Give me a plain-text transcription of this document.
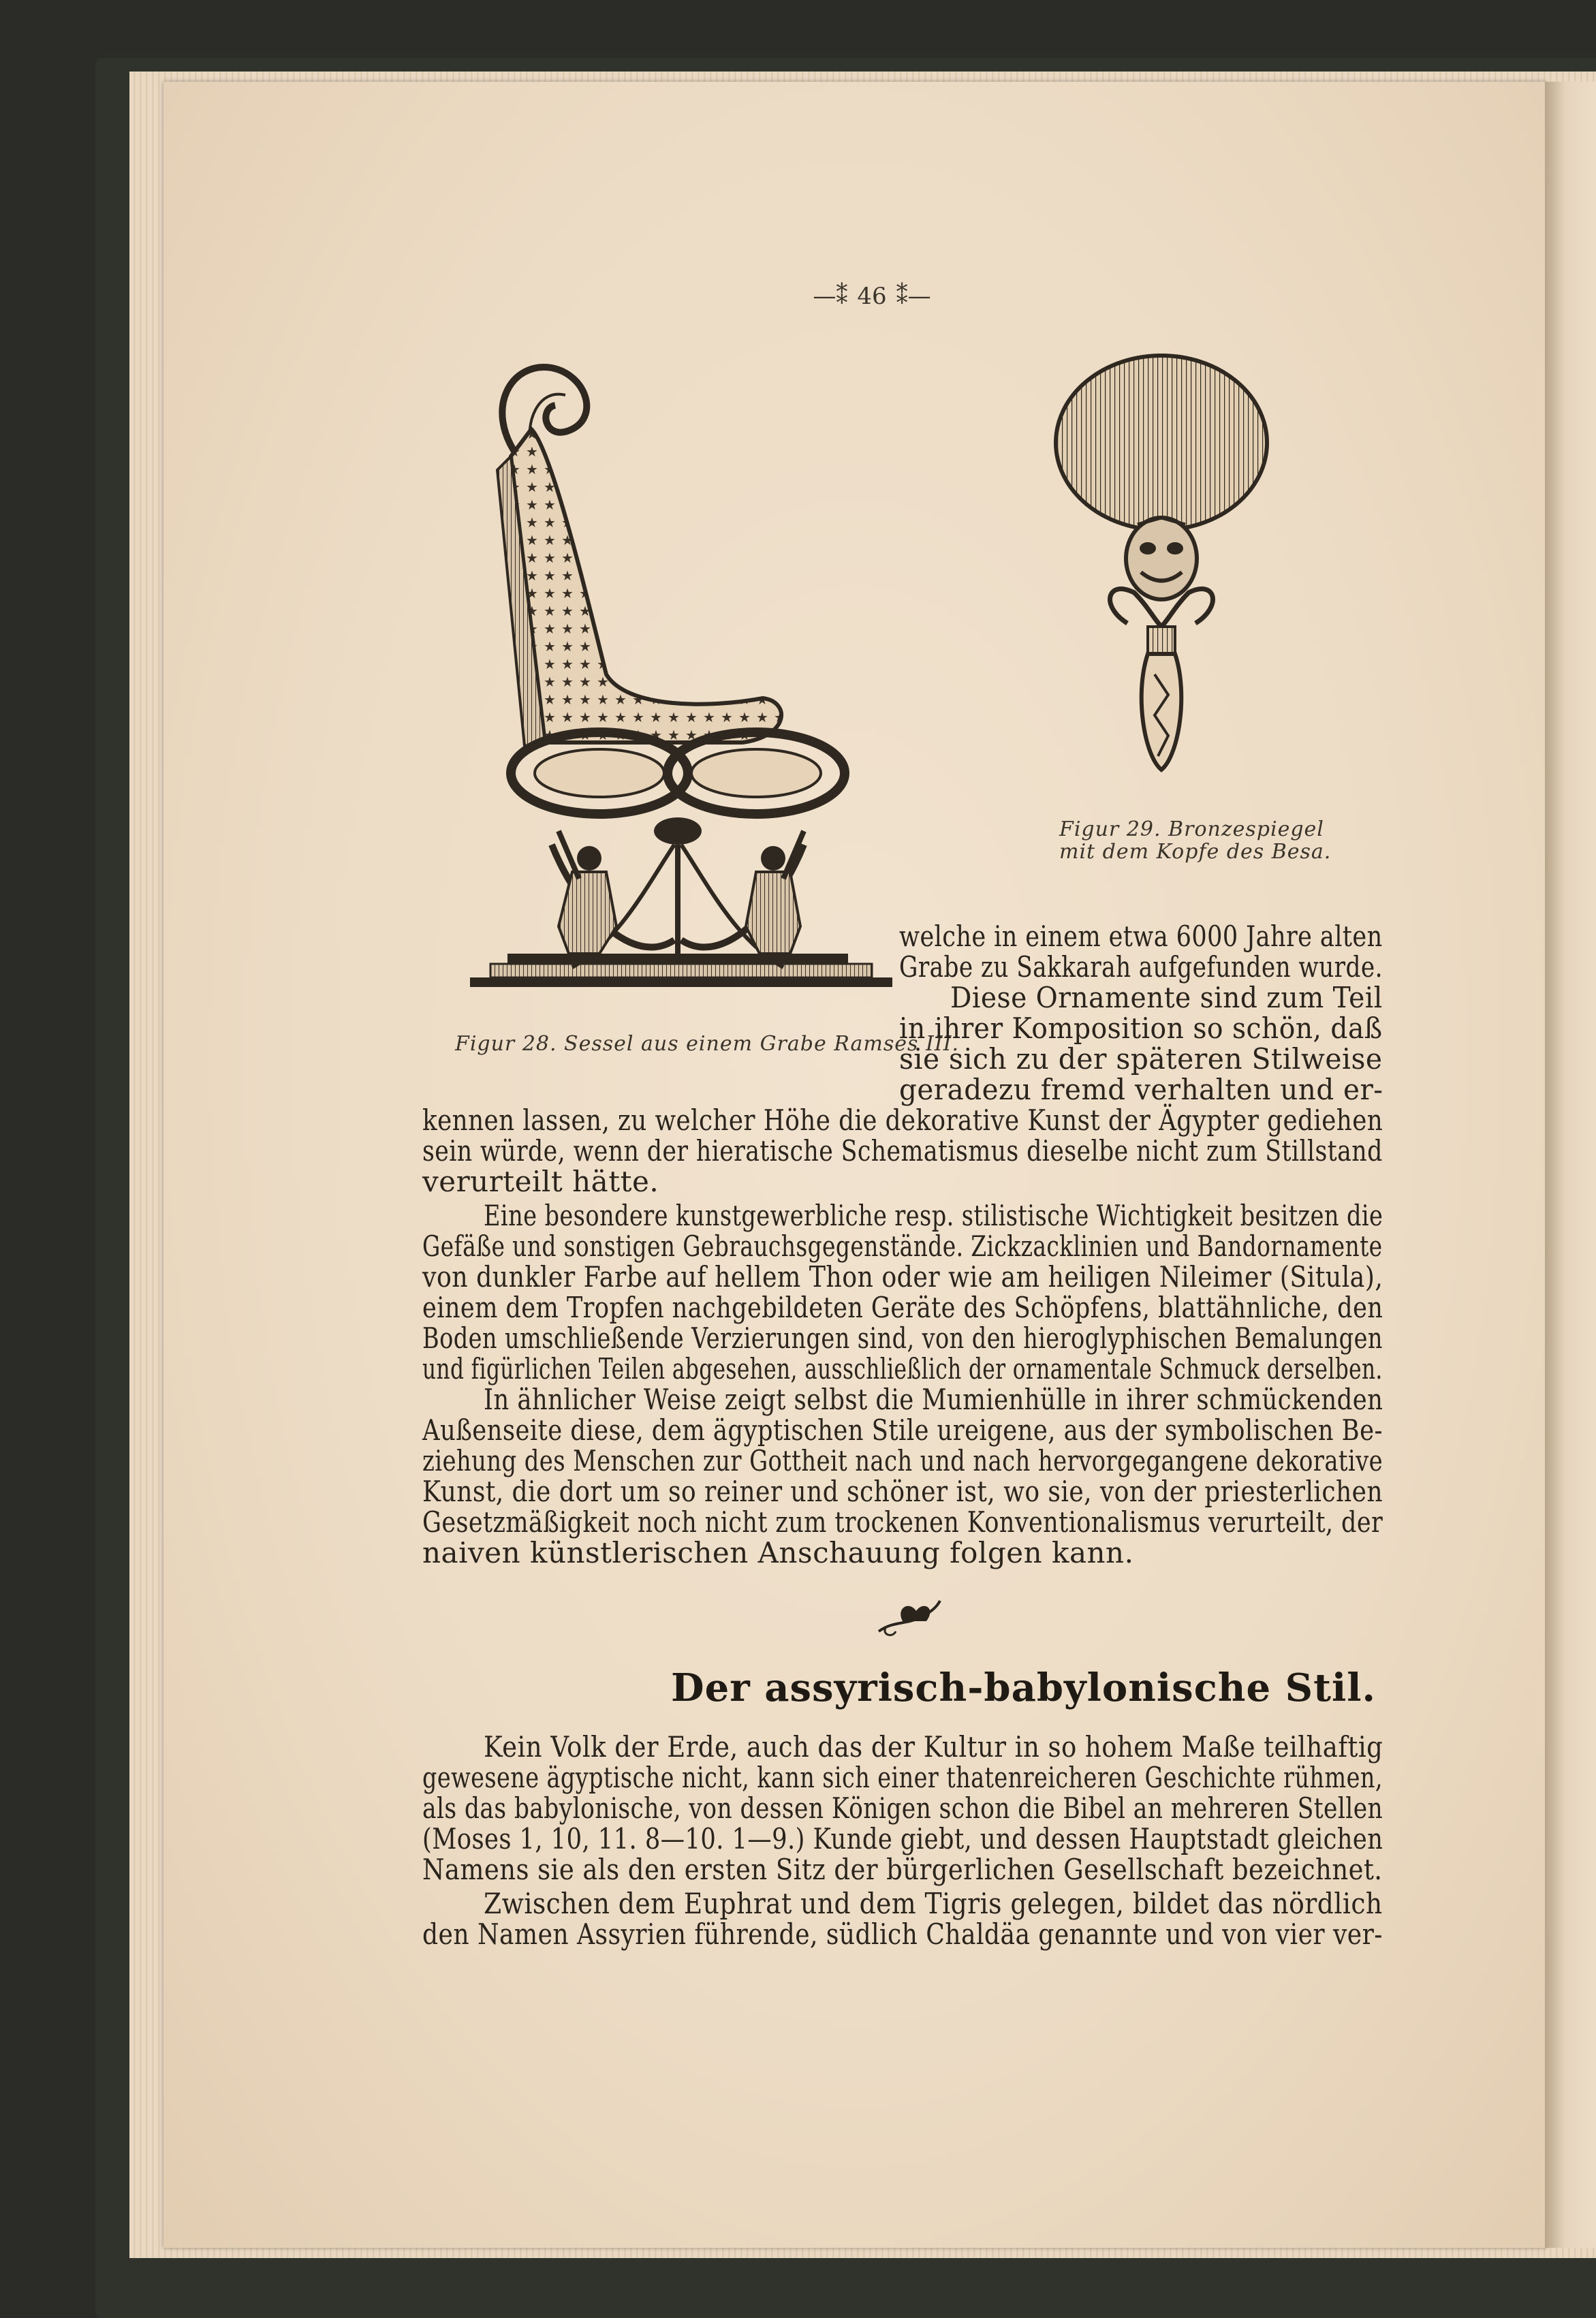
—⁑ 46 ⁑—
Figur 28. Sessel aus einem Grabe Ramses III.
Figur 29. Bronzespiegel
mit dem Kopfe des Besa.
welche in einem etwa 6000 Jahre alten
Grabe zu Sakkarah aufgefunden wurde.
Diese Ornamente sind zum Teil
in ihrer Komposition so schön, daß
sie sich zu der späteren Stilweise
geradezu fremd verhalten und er-
kennen lassen, zu welcher Höhe die dekorative Kunst der Ägypter gediehen
sein würde, wenn der hieratische Schematismus dieselbe nicht zum Stillstand
verurteilt hätte.
Eine besondere kunstgewerbliche resp. stilistische Wichtigkeit besitzen die
Gefäße und sonstigen Gebrauchsgegenstände. Zickzacklinien und Bandornamente
von dunkler Farbe auf hellem Thon oder wie am heiligen Nileimer (Situla),
einem dem Tropfen nachgebildeten Geräte des Schöpfens, blattähnliche, den
Boden umschließende Verzierungen sind, von den hieroglyphischen Bemalungen
und figürlichen Teilen abgesehen, ausschließlich der ornamentale Schmuck derselben.
In ähnlicher Weise zeigt selbst die Mumienhülle in ihrer schmückenden
Außenseite diese, dem ägyptischen Stile ureigene, aus der symbolischen Be-
ziehung des Menschen zur Gottheit nach und nach hervorgegangene dekorative
Kunst, die dort um so reiner und schöner ist, wo sie, von der priesterlichen
Gesetzmäßigkeit noch nicht zum trockenen Konventionalismus verurteilt, der
naiven künstlerischen Anschauung folgen kann.
Der assyrisch-babylonische Stil.
Kein Volk der Erde, auch das der Kultur in so hohem Maße teilhaftig
gewesene ägyptische nicht, kann sich einer thatenreicheren Geschichte rühmen,
als das babylonische, von dessen Königen schon die Bibel an mehreren Stellen
(Moses 1, 10, 11. 8—10. 1—9.) Kunde giebt, und dessen Hauptstadt gleichen
Namens sie als den ersten Sitz der bürgerlichen Gesellschaft bezeichnet.
Zwischen dem Euphrat und dem Tigris gelegen, bildet das nördlich
den Namen Assyrien führende, südlich Chaldäa genannte und von vier ver-
